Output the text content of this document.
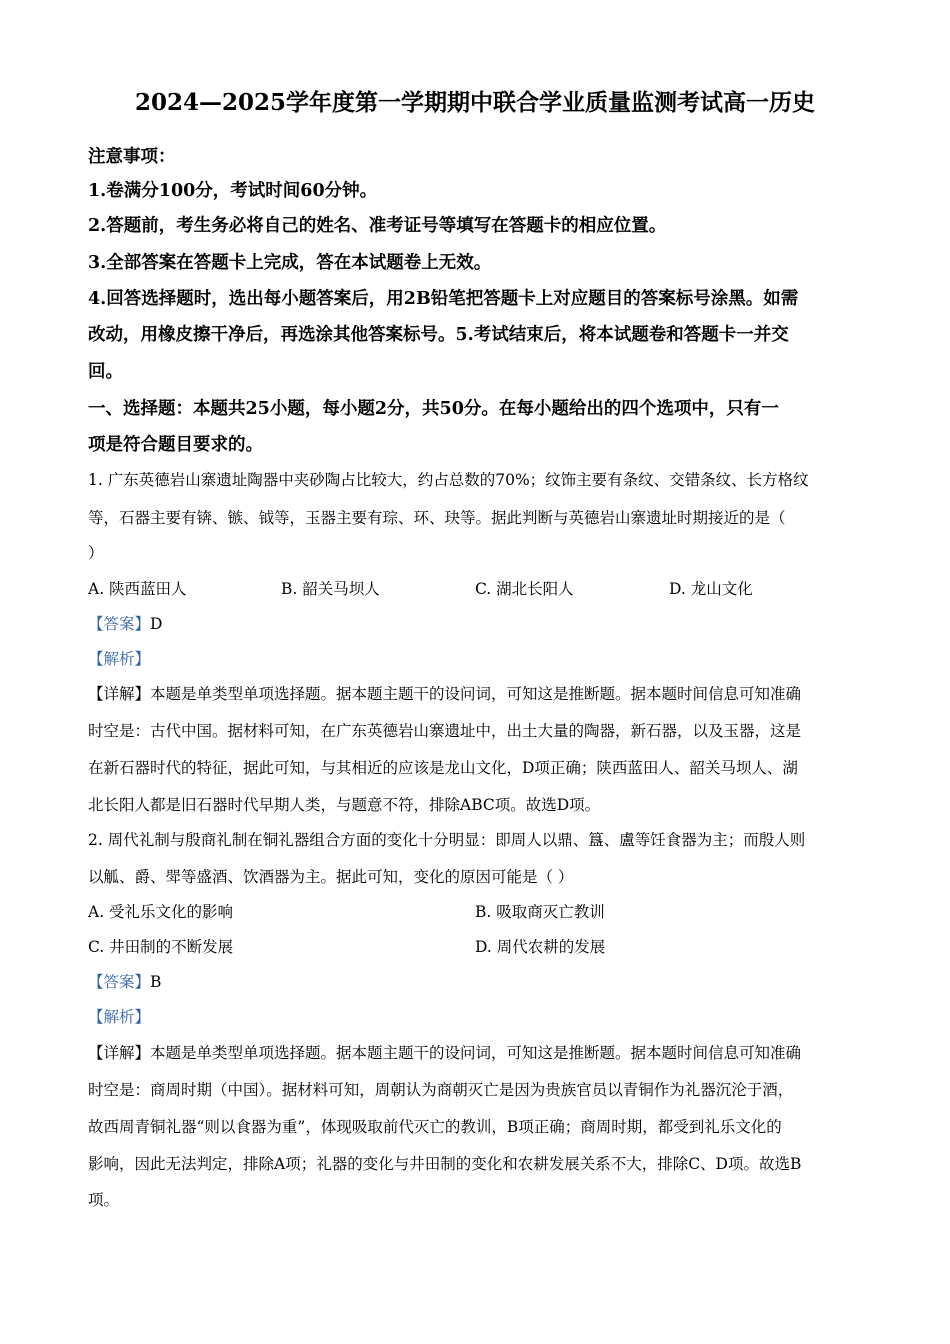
2024—2025学年度第一学期期中联合学业质量监测考试高一历史
注意事项：
1.卷满分100分，考试时间60分钟。
2.答题前，考生务必将自己的姓名、准考证号等填写在答题卡的相应位置。
3.全部答案在答题卡上完成，答在本试题卷上无效。
4.回答选择题时，选出每小题答案后，用2B铅笔把答题卡上对应题目的答案标号涂黑。如需
改动，用橡皮擦干净后，再选涂其他答案标号。5.考试结束后，将本试题卷和答题卡一并交
回。
一、选择题：本题共25小题，每小题2分，共50分。在每小题给出的四个选项中，只有一
项是符合题目要求的。
1. 广东英德岩山寨遗址陶器中夹砂陶占比较大，约占总数的70%；纹饰主要有条纹、交错条纹、长方格纹
等，石器主要有锛、镞、钺等，玉器主要有琮、环、玦等。据此判断与英德岩山寨遗址时期接近的是（
）
A. 陕西蓝田人	B. 韶关马坝人	C. 湖北长阳人	D. 龙山文化
【答案】D
【解析】
【详解】本题是单类型单项选择题。据本题主题干的设问词，可知这是推断题。据本题时间信息可知准确
时空是：古代中国。据材料可知，在广东英德岩山寨遗址中，出土大量的陶器，新石器，以及玉器，这是
在新石器时代的特征，据此可知，与其相近的应该是龙山文化，D项正确；陕西蓝田人、韶关马坝人、湖
北长阳人都是旧石器时代早期人类，与题意不符，排除ABC项。故选D项。
2. 周代礼制与殷商礼制在铜礼器组合方面的变化十分明显：即周人以鼎、簋、盧等饪食器为主；而殷人则
以觚、爵、斝等盛酒、饮酒器为主。据此可知，变化的原因可能是（ ）
A. 受礼乐文化的影响	B. 吸取商灭亡教训
C. 井田制的不断发展	D. 周代农耕的发展
【答案】B
【解析】
【详解】本题是单类型单项选择题。据本题主题干的设问词，可知这是推断题。据本题时间信息可知准确
时空是：商周时期（中国）。据材料可知，周朝认为商朝灭亡是因为贵族官员以青铜作为礼器沉沦于酒，
故西周青铜礼器“则以食器为重”，体现吸取前代灭亡的教训，B项正确；商周时期，都受到礼乐文化的
影响，因此无法判定，排除A项；礼器的变化与井田制的变化和农耕发展关系不大，排除C、D项。故选B
项。
